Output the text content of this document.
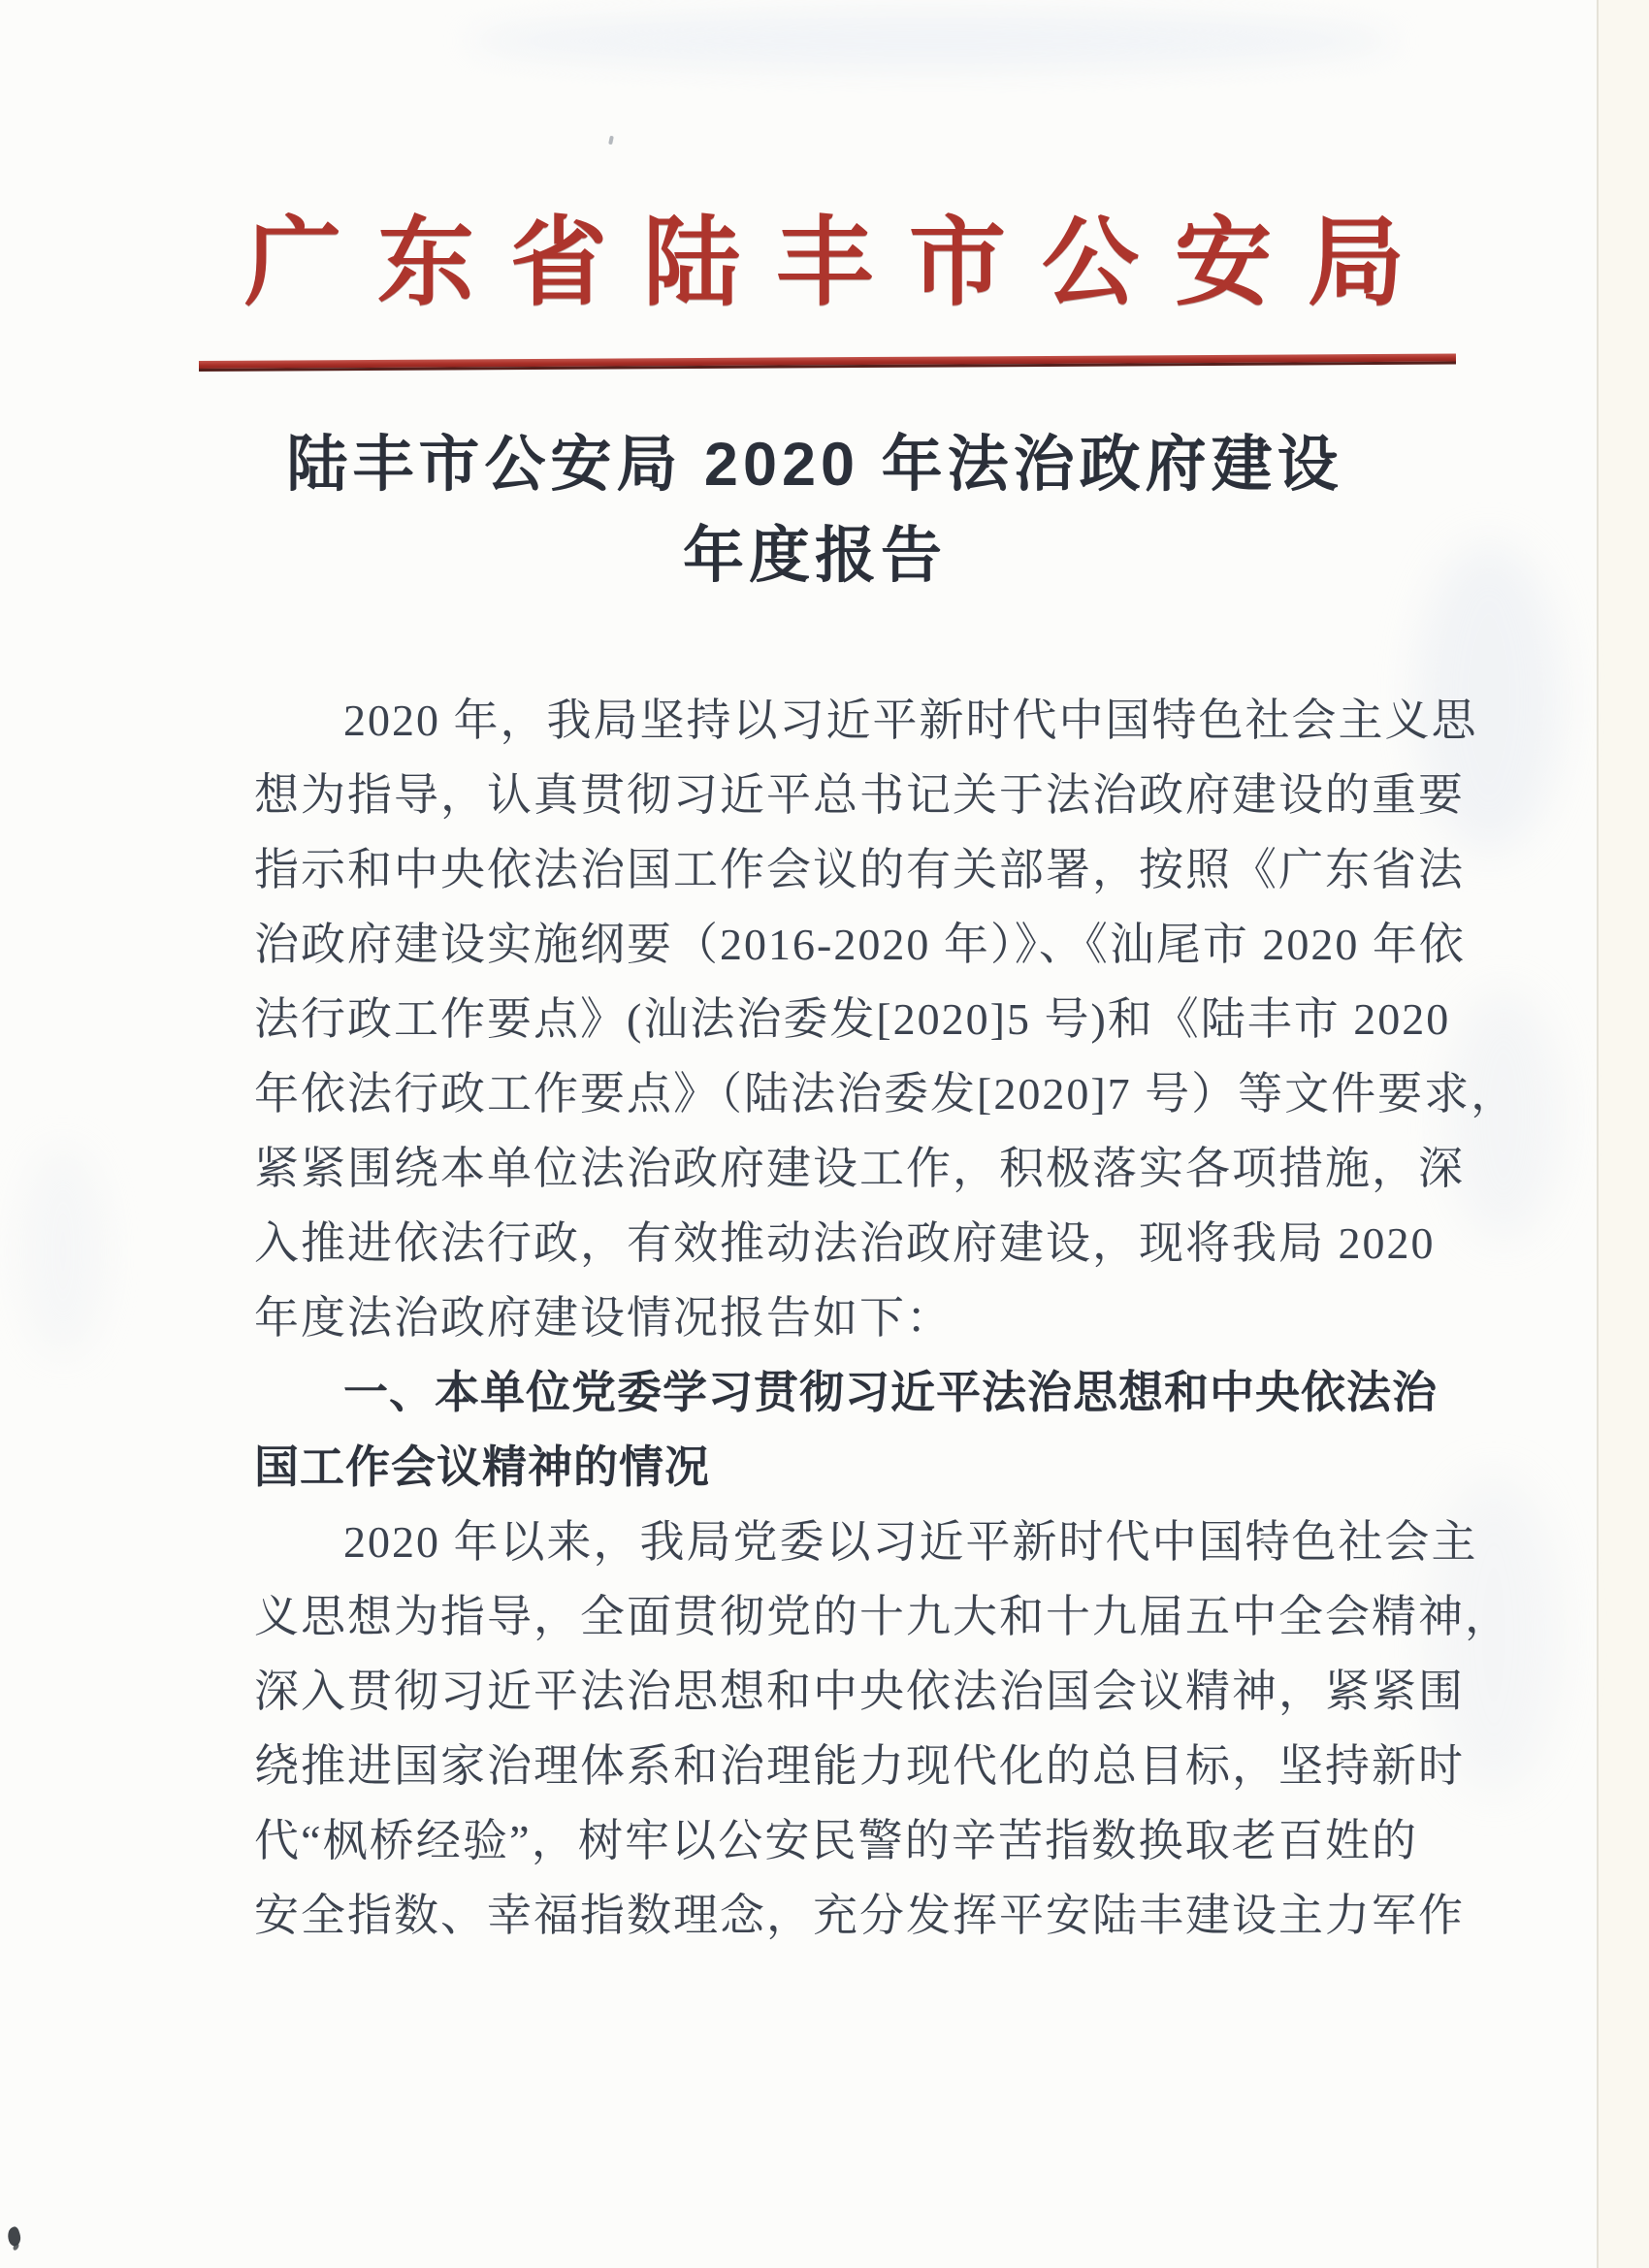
广东省陆丰市公安局
陆丰市公安局 2020 年法治政府建设
年度报告
2020 年，我局坚持以习近平新时代中国特色社会主义思
想为指导，认真贯彻习近平总书记关于法治政府建设的重要
指示和中央依法治国工作会议的有关部署，按照《广东省法
治政府建设实施纲要（2016-2020 年）》、《汕尾市 2020 年依
法行政工作要点》(汕法治委发[2020]5 号)和《陆丰市 2020
年依法行政工作要点》（陆法治委发[2020]7 号）等文件要求，
紧紧围绕本单位法治政府建设工作，积极落实各项措施，深
入推进依法行政，有效推动法治政府建设，现将我局 2020
年度法治政府建设情况报告如下：
一、本单位党委学习贯彻习近平法治思想和中央依法治
国工作会议精神的情况
2020 年以来，我局党委以习近平新时代中国特色社会主
义思想为指导，全面贯彻党的十九大和十九届五中全会精神，
深入贯彻习近平法治思想和中央依法治国会议精神，紧紧围
绕推进国家治理体系和治理能力现代化的总目标，坚持新时
代“枫桥经验”，树牢以公安民警的辛苦指数换取老百姓的
安全指数、幸福指数理念，充分发挥平安陆丰建设主力军作
